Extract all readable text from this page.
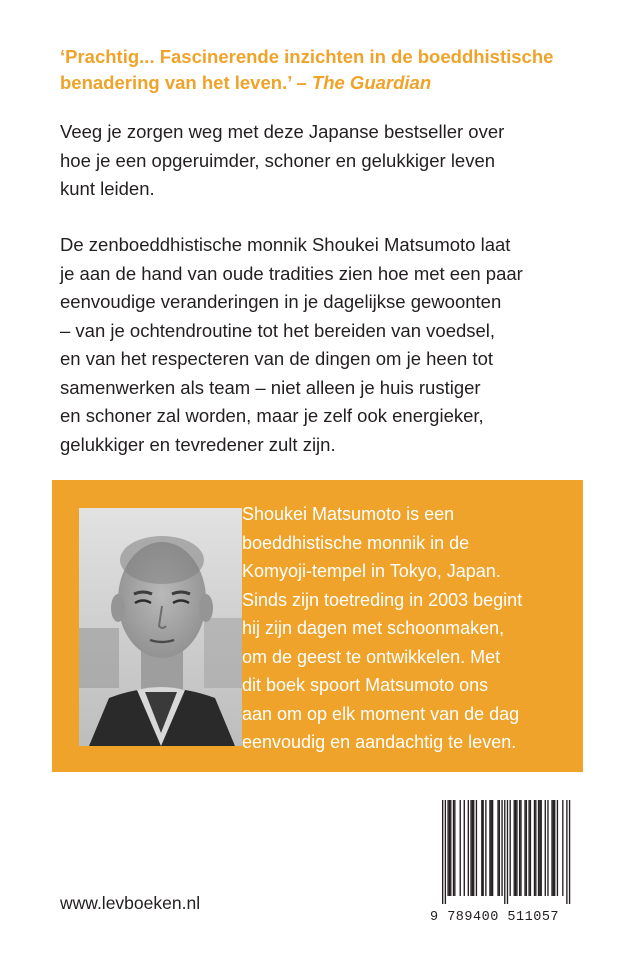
‘Prachtig... Fascinerende inzichten in de boeddhistische
benadering van het leven.’ – The Guardian

Veeg je zorgen weg met deze Japanse bestseller over
hoe je een opgeruimder, schoner en gelukkiger leven
kunt leiden.

De zenboeddhistische monnik Shoukei Matsumoto laat
je aan de hand van oude tradities zien hoe met een paar
eenvoudige veranderingen in je dagelijkse gewoonten
– van je ochtendroutine tot het bereiden van voedsel,
en van het respecteren van de dingen om je heen tot
samenwerken als team – niet alleen je huis rustiger
en schoner zal worden, maar je zelf ook energieker,
gelukkiger en tevredener zult zijn.

Shoukei Matsumoto is een
boeddhistische monnik in de
Komyoji-tempel in Tokyo, Japan.
Sinds zijn toetreding in 2003 begint
hij zijn dagen met schoonmaken,
om de geest te ontwikkelen. Met
dit boek spoort Matsumoto ons
aan om op elk moment van de dag
eenvoudig en aandachtig te leven.

www.levboeken.nl

9 789400 511057
